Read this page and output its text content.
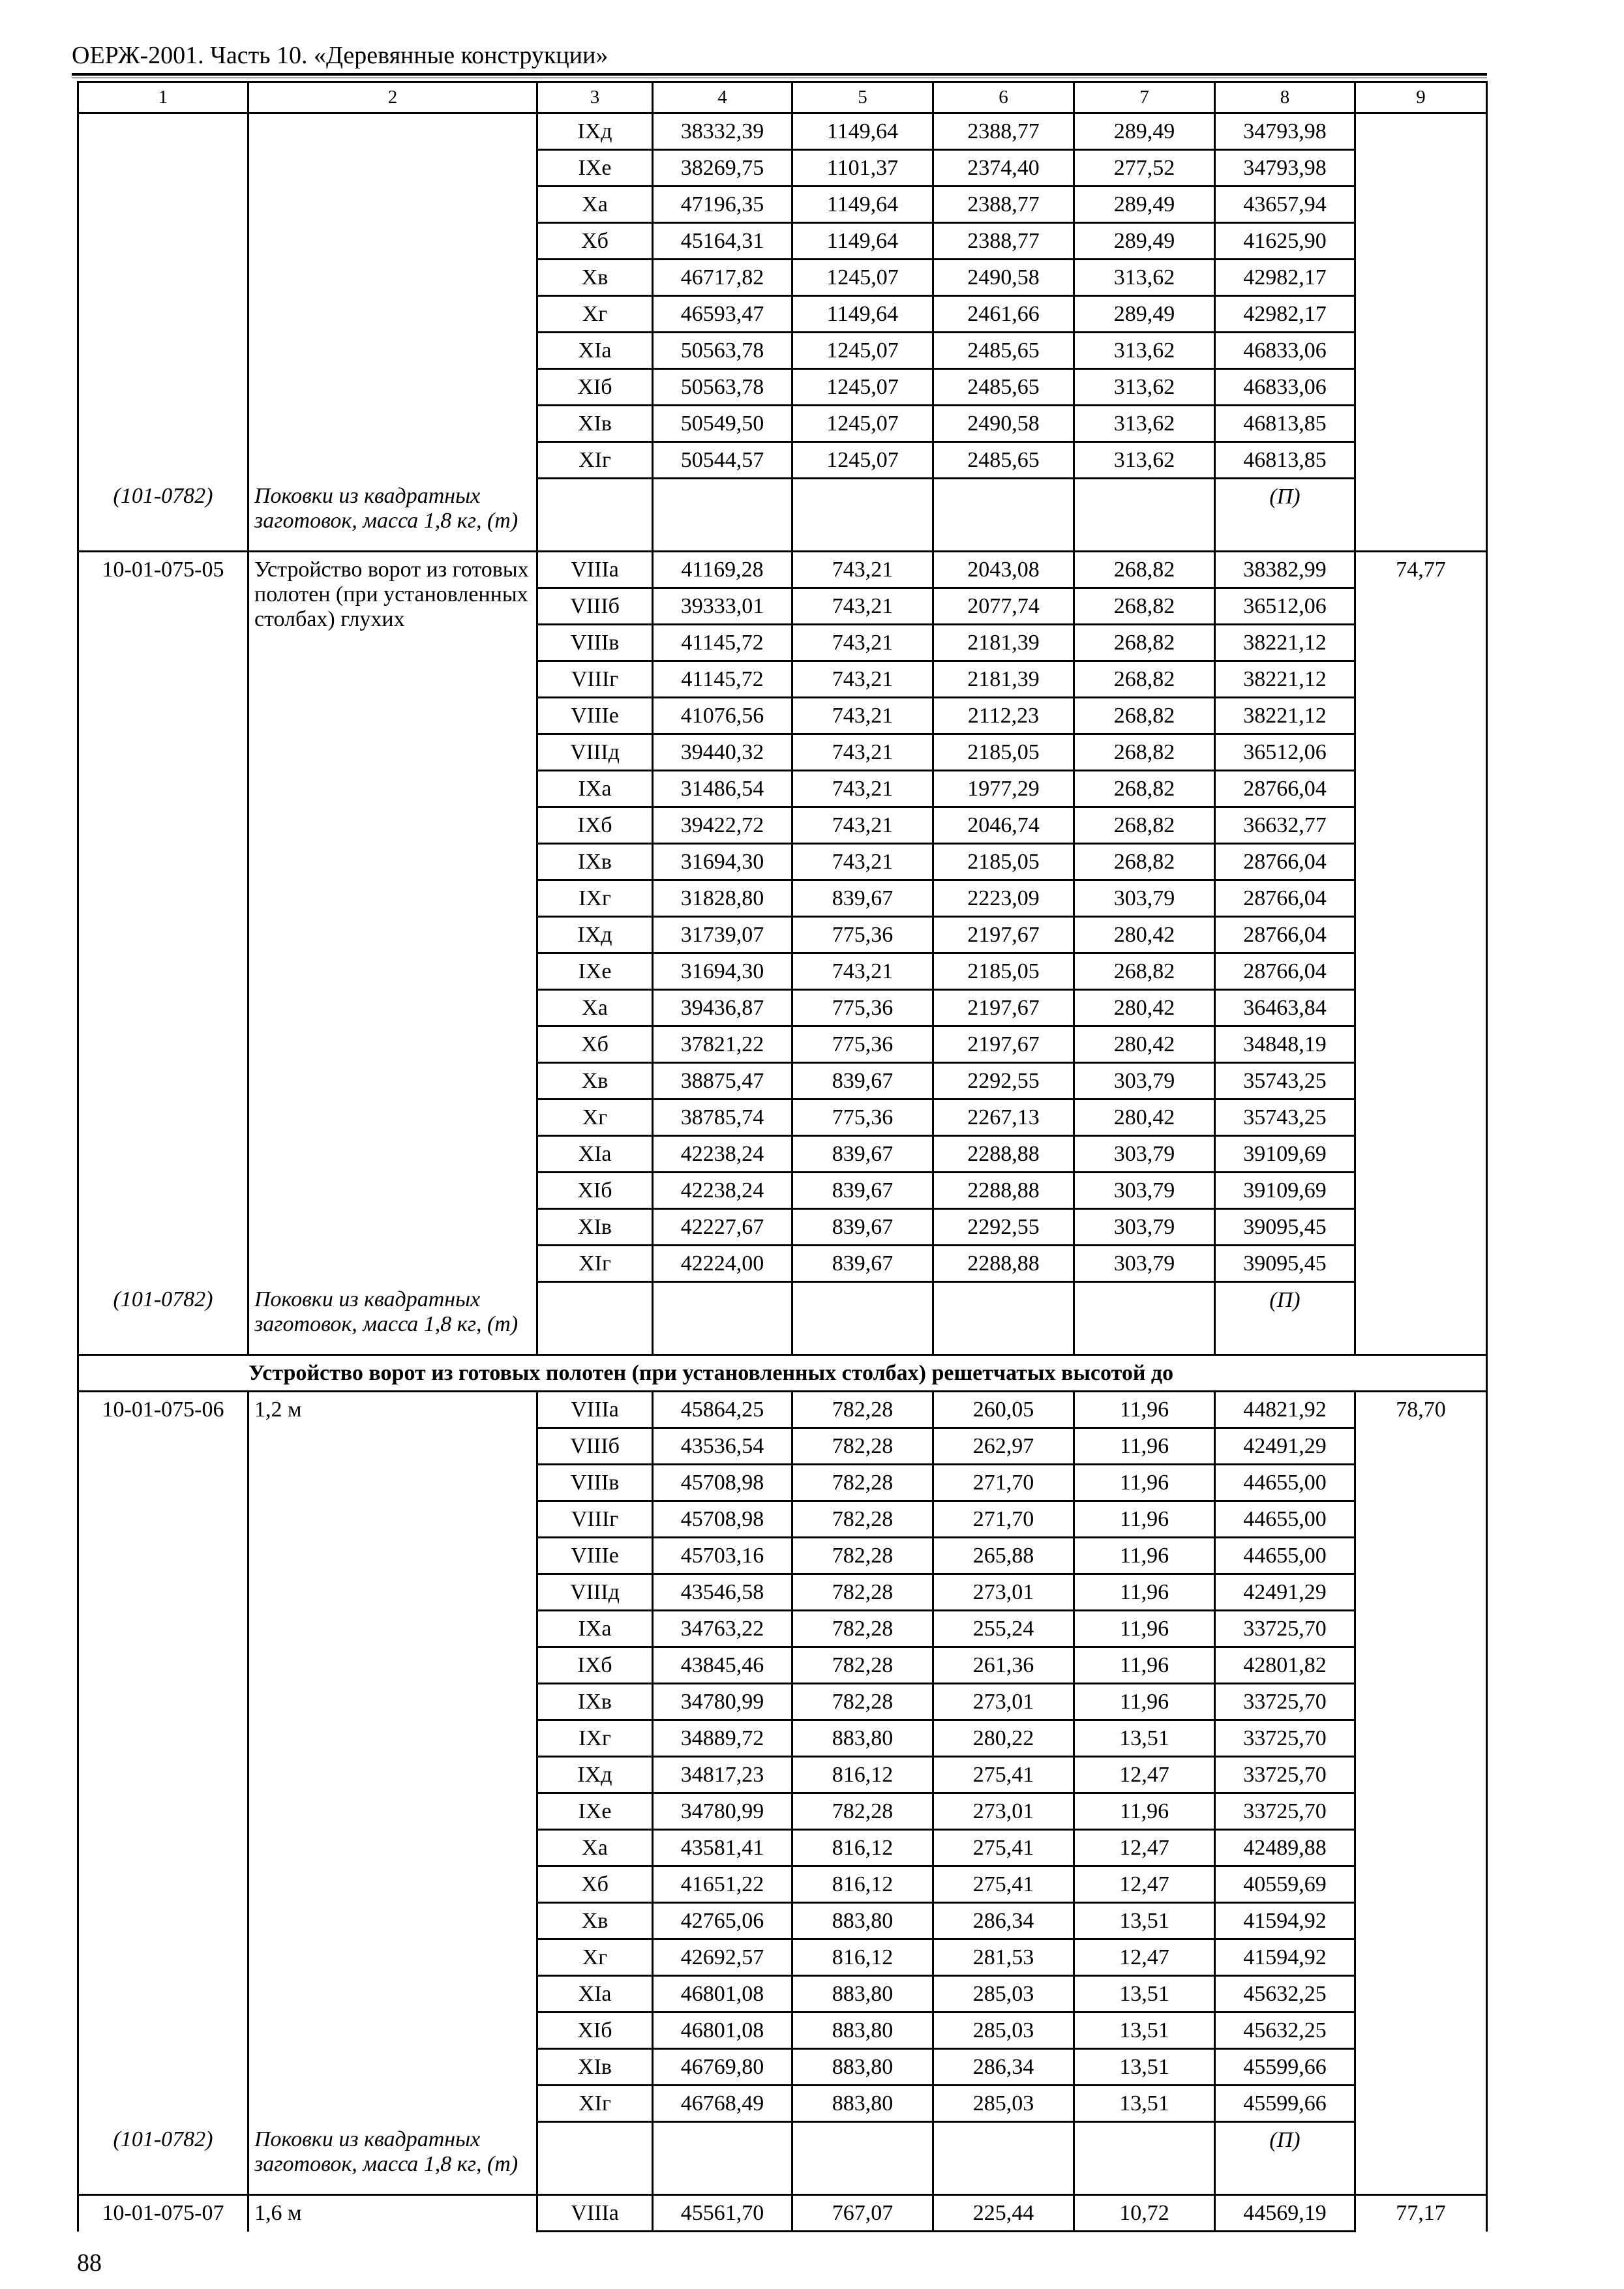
ОЕРЖ-2001. Часть 10. «Деревянные конструкции»
1	2	3	4	5	6	7	8	9
		IXд	38332,39	1149,64	2388,77	289,49	34793,98	
		IXе	38269,75	1101,37	2374,40	277,52	34793,98	
		Xа	47196,35	1149,64	2388,77	289,49	43657,94	
		Xб	45164,31	1149,64	2388,77	289,49	41625,90	
		Xв	46717,82	1245,07	2490,58	313,62	42982,17	
		Xг	46593,47	1149,64	2461,66	289,49	42982,17	
		XIа	50563,78	1245,07	2485,65	313,62	46833,06	
		XIб	50563,78	1245,07	2485,65	313,62	46833,06	
		XIв	50549,50	1245,07	2490,58	313,62	46813,85	
		XIг	50544,57	1245,07	2485,65	313,62	46813,85	
(101-0782)	Поковки из квадратных заготовок, масса 1,8 кг, (т)						(П)	
10-01-075-05	Устройство ворот из готовых полотен (при установленных столбах) глухих	VIIIа	41169,28	743,21	2043,08	268,82	38382,99	74,77
		VIIIб	39333,01	743,21	2077,74	268,82	36512,06	
		VIIIв	41145,72	743,21	2181,39	268,82	38221,12	
		VIIIг	41145,72	743,21	2181,39	268,82	38221,12	
		VIIIе	41076,56	743,21	2112,23	268,82	38221,12	
		VIIIд	39440,32	743,21	2185,05	268,82	36512,06	
		IXа	31486,54	743,21	1977,29	268,82	28766,04	
		IXб	39422,72	743,21	2046,74	268,82	36632,77	
		IXв	31694,30	743,21	2185,05	268,82	28766,04	
		IXг	31828,80	839,67	2223,09	303,79	28766,04	
		IXд	31739,07	775,36	2197,67	280,42	28766,04	
		IXе	31694,30	743,21	2185,05	268,82	28766,04	
		Xа	39436,87	775,36	2197,67	280,42	36463,84	
		Xб	37821,22	775,36	2197,67	280,42	34848,19	
		Xв	38875,47	839,67	2292,55	303,79	35743,25	
		Xг	38785,74	775,36	2267,13	280,42	35743,25	
		XIа	42238,24	839,67	2288,88	303,79	39109,69	
		XIб	42238,24	839,67	2288,88	303,79	39109,69	
		XIв	42227,67	839,67	2292,55	303,79	39095,45	
		XIг	42224,00	839,67	2288,88	303,79	39095,45	
(101-0782)	Поковки из квадратных заготовок, масса 1,8 кг, (т)						(П)	
Устройство ворот из готовых полотен (при установленных столбах) решетчатых высотой до								
10-01-075-06	1,2 м	VIIIа	45864,25	782,28	260,05	11,96	44821,92	78,70
		VIIIб	43536,54	782,28	262,97	11,96	42491,29	
		VIIIв	45708,98	782,28	271,70	11,96	44655,00	
		VIIIг	45708,98	782,28	271,70	11,96	44655,00	
		VIIIе	45703,16	782,28	265,88	11,96	44655,00	
		VIIIд	43546,58	782,28	273,01	11,96	42491,29	
		IXа	34763,22	782,28	255,24	11,96	33725,70	
		IXб	43845,46	782,28	261,36	11,96	42801,82	
		IXв	34780,99	782,28	273,01	11,96	33725,70	
		IXг	34889,72	883,80	280,22	13,51	33725,70	
		IXд	34817,23	816,12	275,41	12,47	33725,70	
		IXе	34780,99	782,28	273,01	11,96	33725,70	
		Xа	43581,41	816,12	275,41	12,47	42489,88	
		Xб	41651,22	816,12	275,41	12,47	40559,69	
		Xв	42765,06	883,80	286,34	13,51	41594,92	
		Xг	42692,57	816,12	281,53	12,47	41594,92	
		XIа	46801,08	883,80	285,03	13,51	45632,25	
		XIб	46801,08	883,80	285,03	13,51	45632,25	
		XIв	46769,80	883,80	286,34	13,51	45599,66	
		XIг	46768,49	883,80	285,03	13,51	45599,66	
(101-0782)	Поковки из квадратных заготовок, масса 1,8 кг, (т)						(П)	
10-01-075-07	1,6 м	VIIIа	45561,70	767,07	225,44	10,72	44569,19	77,17
88
